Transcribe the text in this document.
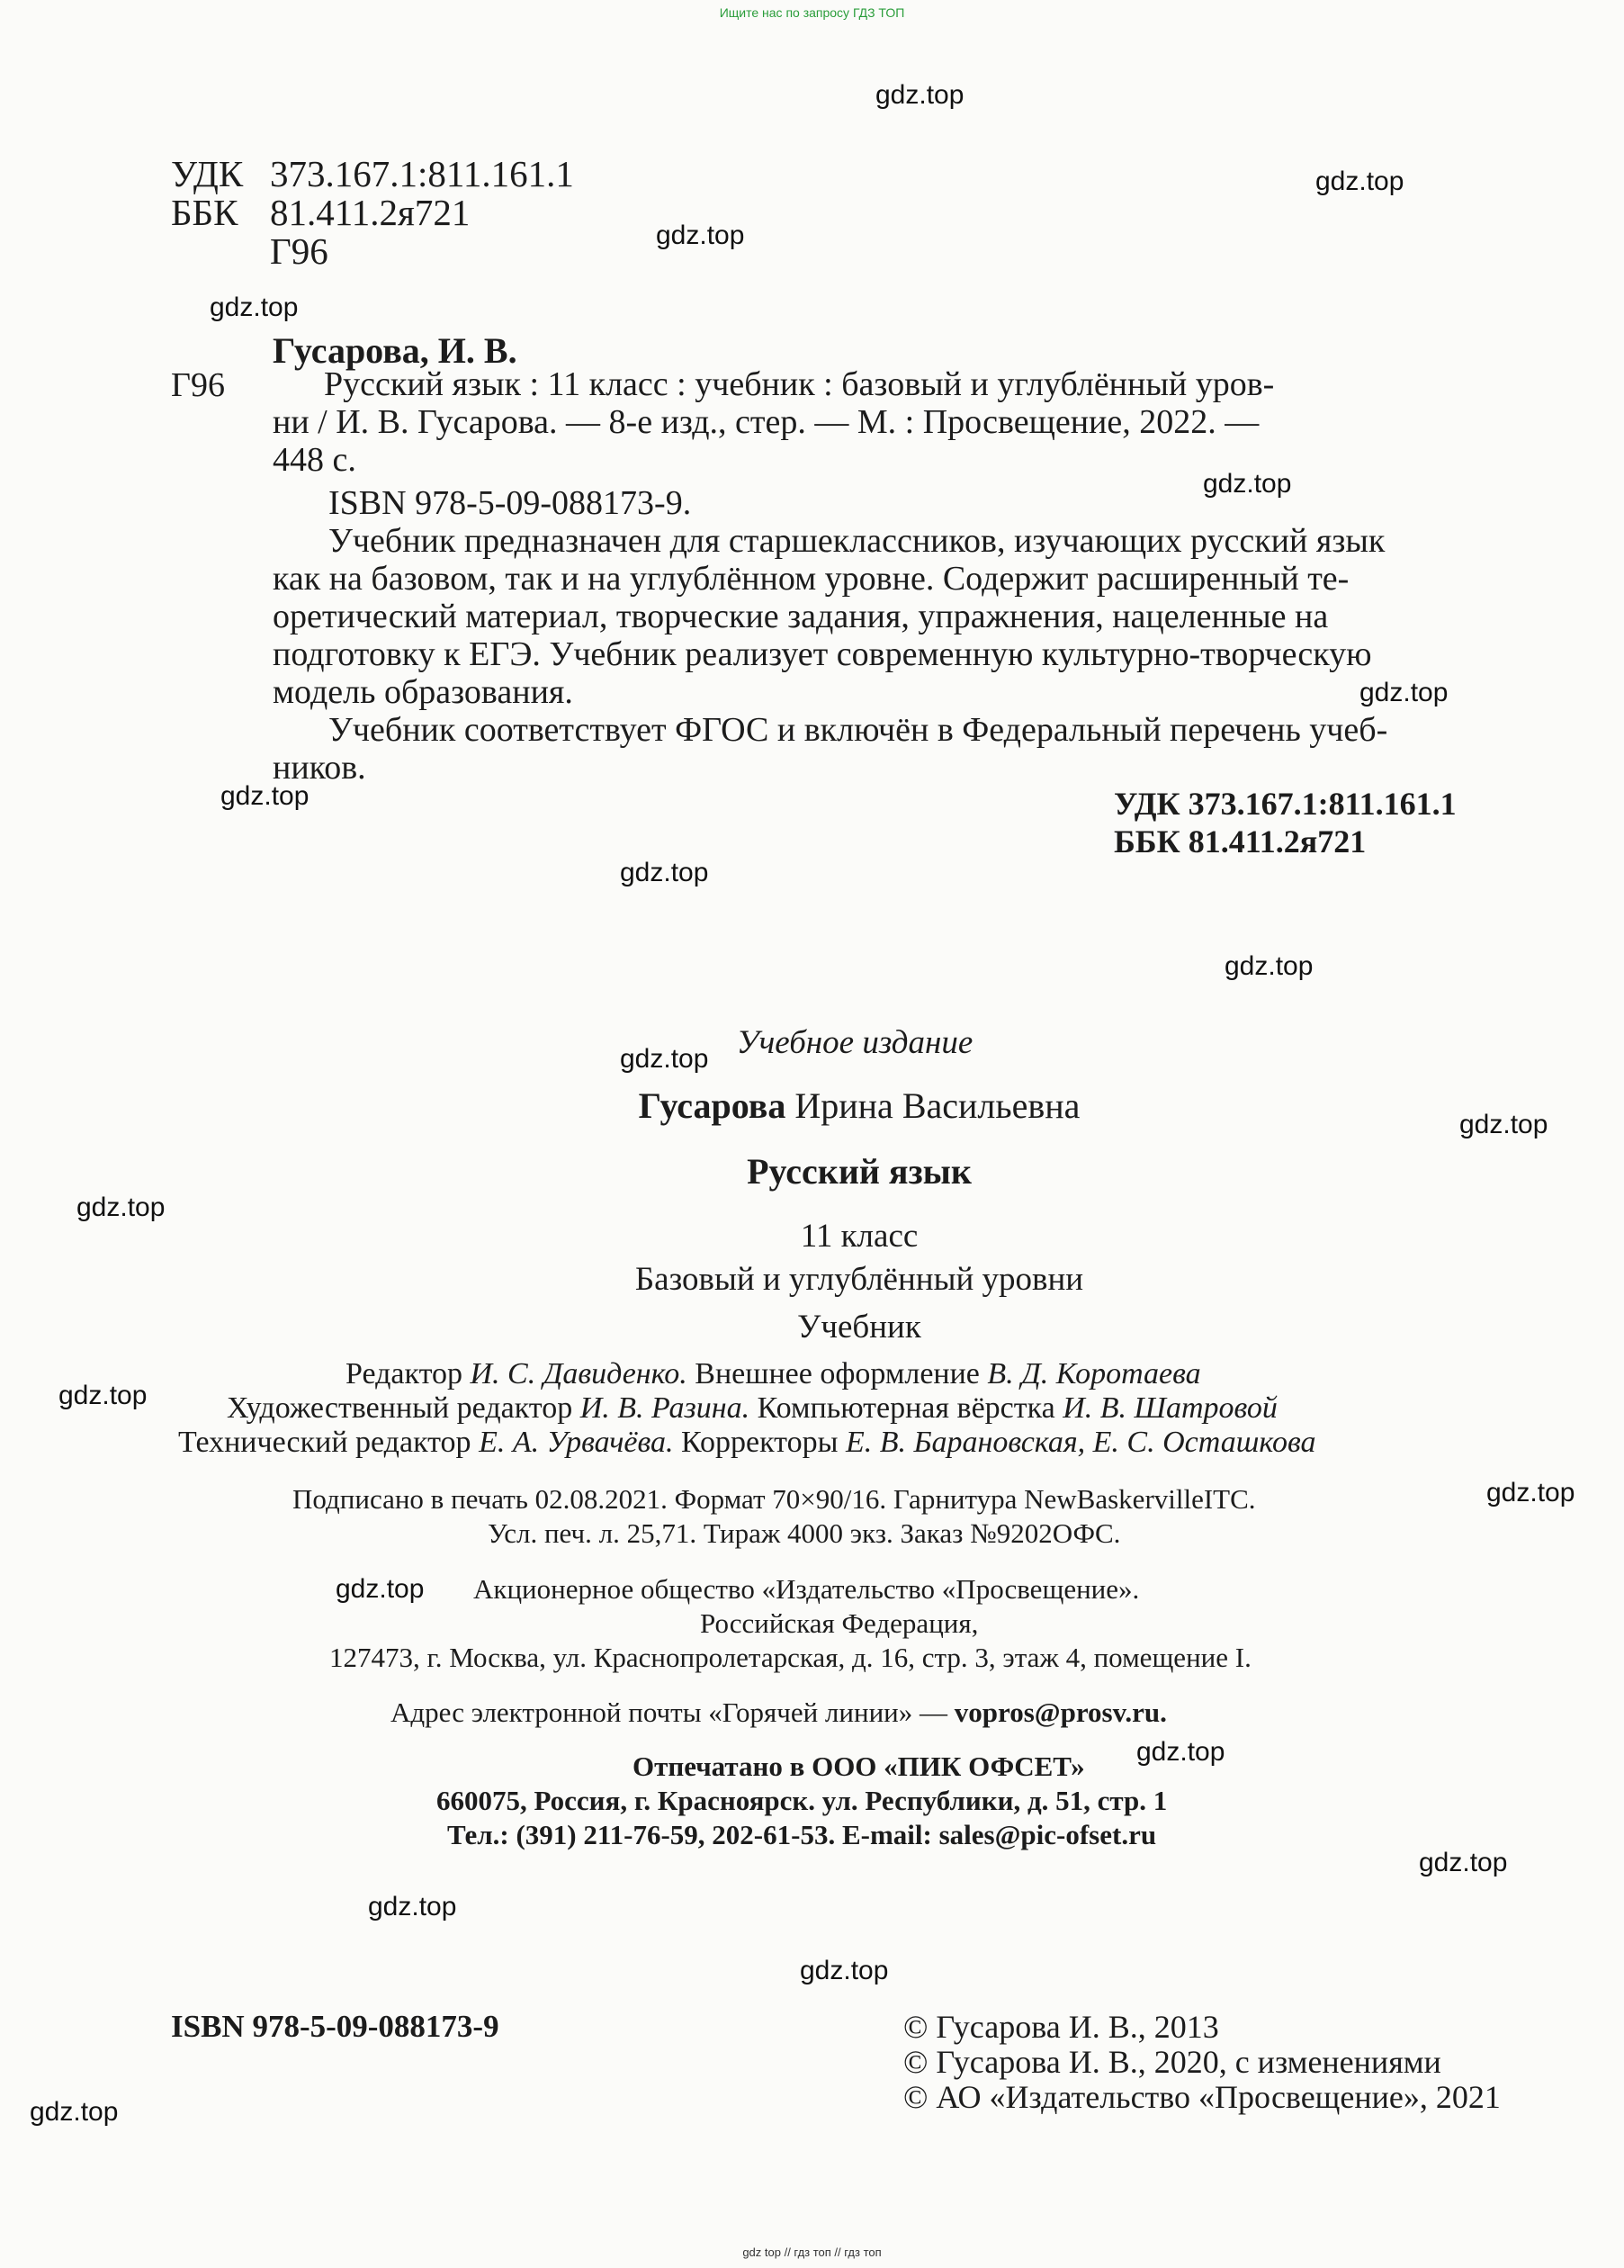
Ищите нас по запросу ГДЗ ТОП
УДК 373.167.1:811.161.1
ББК 81.411.2я721
Г96
Гусарова, И. В.
Г96	Русский язык : 11 класс : учебник : базовый и углублённый уров-
ни / И. В. Гусарова. — 8-е изд., стер. — М. : Просвещение, 2022. —
448 с.
ISBN 978-5-09-088173-9.
Учебник предназначен для старшеклассников, изучающих русский язык
как на базовом, так и на углублённом уровне. Содержит расширенный те-
оретический материал, творческие задания, упражнения, нацеленные на
подготовку к ЕГЭ. Учебник реализует современную культурно-творческую
модель образования.
Учебник соответствует ФГОС и включён в Федеральный перечень учеб-
ников.
УДК 373.167.1:811.161.1
ББК 81.411.2я721
Учебное издание
Гусарова Ирина Васильевна
Русский язык
11 класс
Базовый и углублённый уровни
Учебник
Редактор И. С. Давиденко. Внешнее оформление В. Д. Коротаева
Художественный редактор И. В. Разина. Компьютерная вёрстка И. В. Шатровой
Технический редактор Е. А. Урвачёва. Корректоры Е. В. Барановская, Е. С. Осташкова
Подписано в печать 02.08.2021. Формат 70×90/16. Гарнитура NewBaskervilleITC.
Усл. печ. л. 25,71. Тираж 4000 экз. Заказ №9202ОФС.
Акционерное общество «Издательство «Просвещение».
Российская Федерация,
127473, г. Москва, ул. Краснопролетарская, д. 16, стр. 3, этаж 4, помещение I.
Адрес электронной почты «Горячей линии» — vopros@prosv.ru.
Отпечатано в ООО «ПИК ОФСЕТ»
660075, Россия, г. Красноярск. ул. Республики, д. 51, стр. 1
Тел.: (391) 211-76-59, 202-61-53. E-mail: sales@pic-ofset.ru
ISBN 978-5-09-088173-9	© Гусарова И. В., 2013
© Гусарова И. В., 2020, с изменениями
© АО «Издательство «Просвещение», 2021
gdz.top
gdz.top
gdz.top
gdz.top
gdz.top
gdz.top
gdz.top
gdz.top
gdz.top
gdz.top
gdz.top
gdz.top
gdz.top
gdz.top
gdz.top
gdz.top
gdz.top
gdz.top
gdz.top
gdz.top
gdz top // гдз топ // гдз топ
